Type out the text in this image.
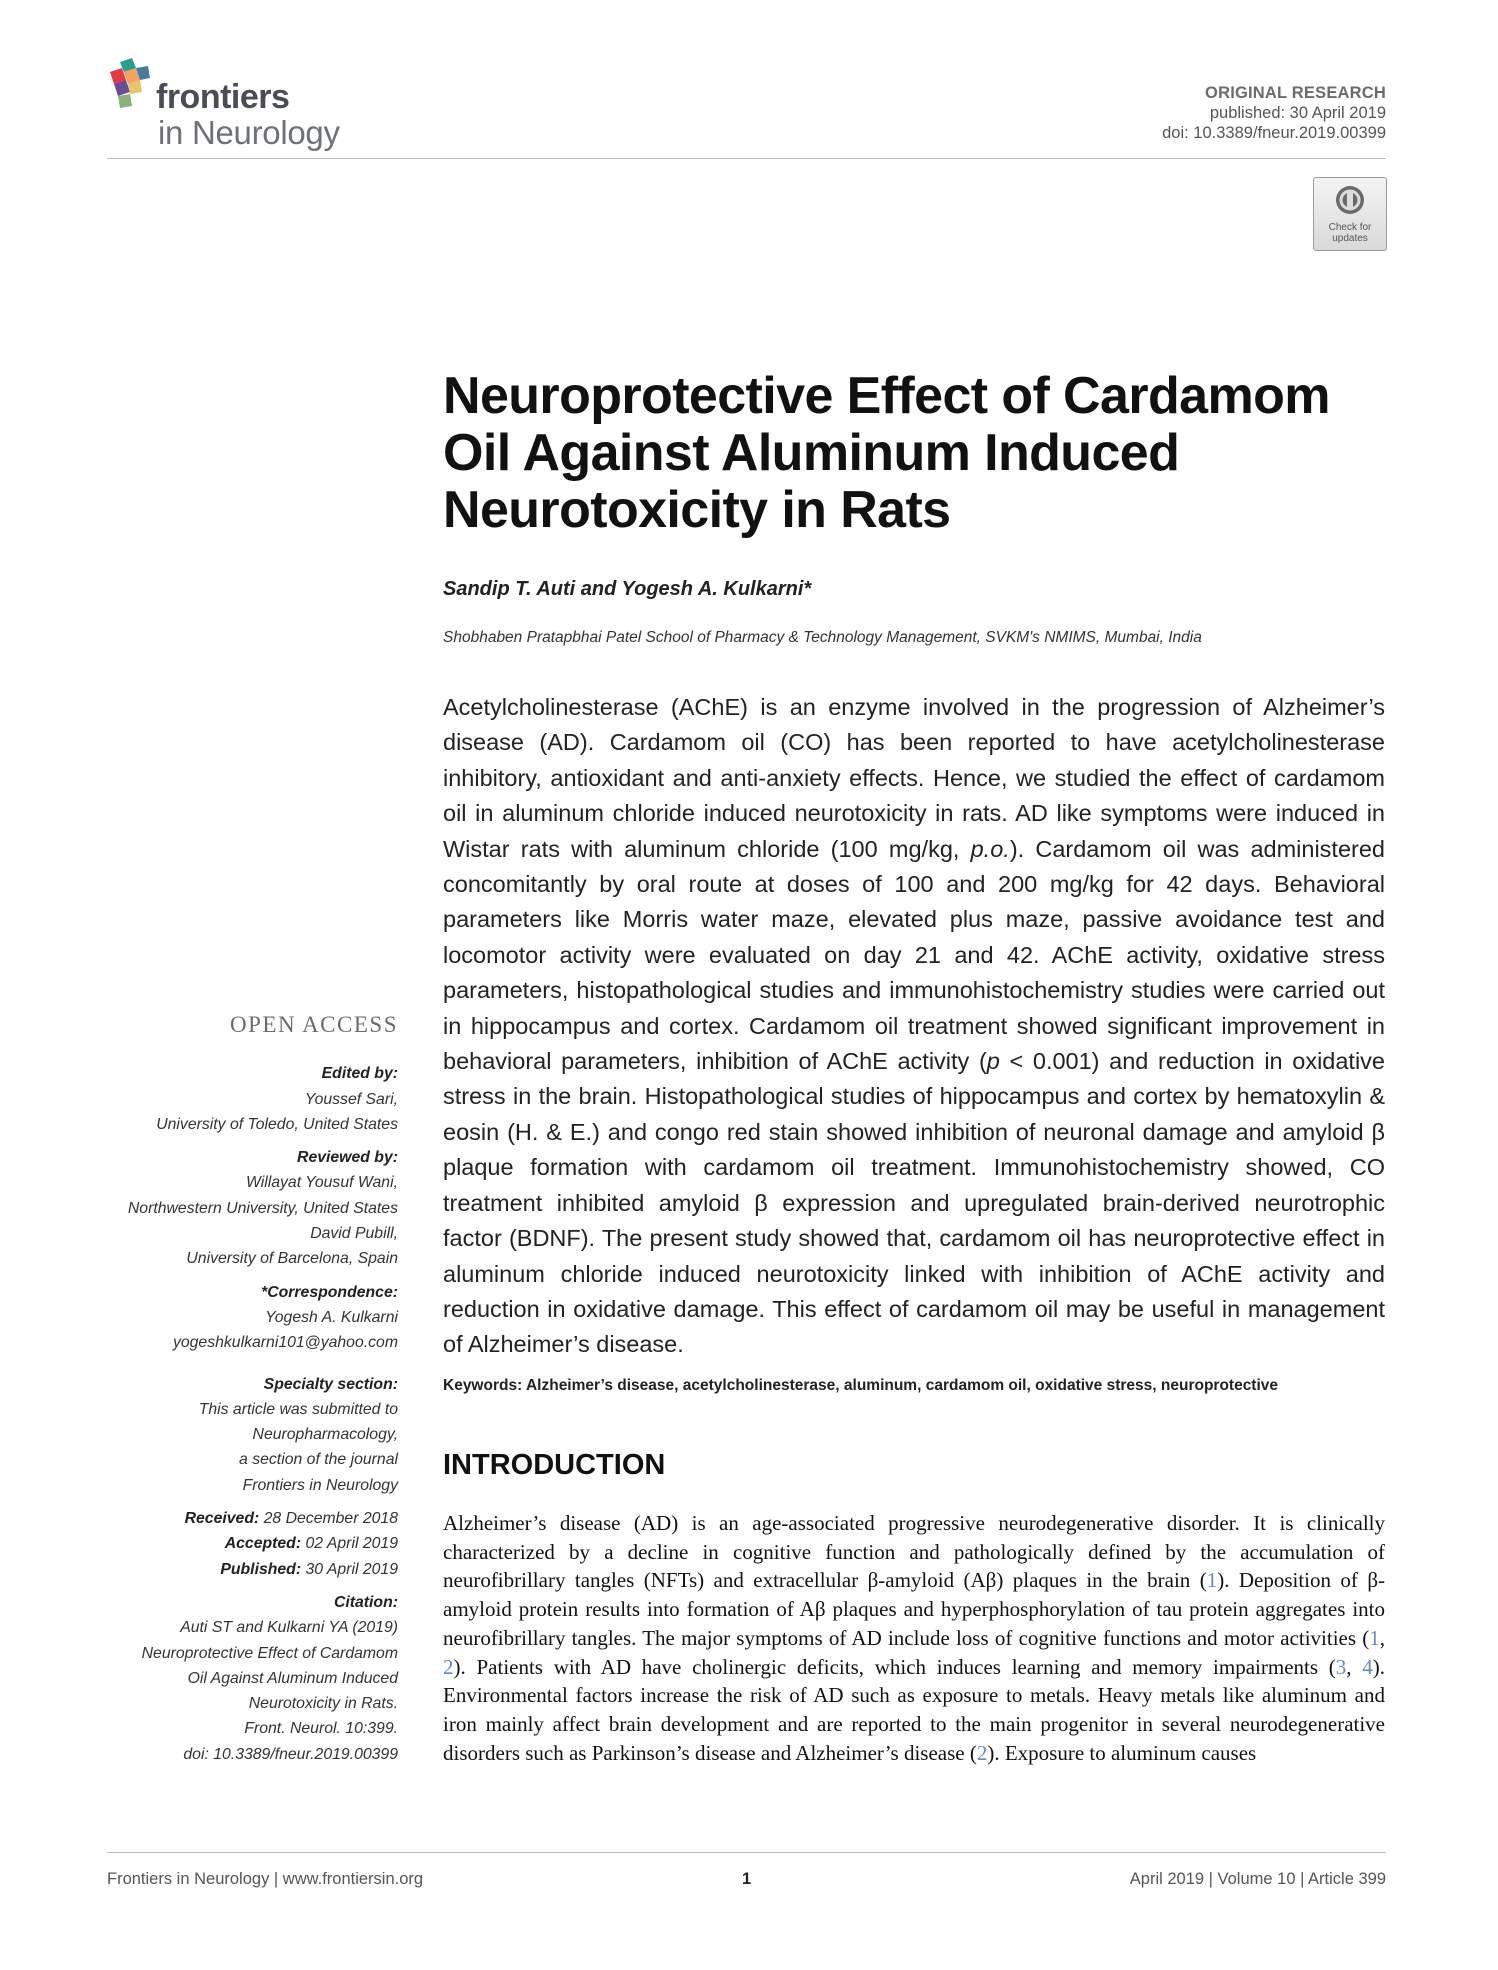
frontiers
in Neurology
ORIGINAL RESEARCH
published: 30 April 2019
doi: 10.3389/fneur.2019.00399
Check for updates
Neuroprotective Effect of Cardamom Oil Against Aluminum Induced Neurotoxicity in Rats
Sandip T. Auti and Yogesh A. Kulkarni*
Shobhaben Pratapbhai Patel School of Pharmacy & Technology Management, SVKM's NMIMS, Mumbai, India

Acetylcholinesterase (AChE) is an enzyme involved in the progression of Alzheimer’s disease (AD). Cardamom oil (CO) has been reported to have acetylcholinesterase inhibitory, antioxidant and anti-anxiety effects. Hence, we studied the effect of cardamom oil in aluminum chloride induced neurotoxicity in rats. AD like symptoms were induced in Wistar rats with aluminum chloride (100 mg/kg, p.o.). Cardamom oil was administered concomitantly by oral route at doses of 100 and 200 mg/kg for 42 days. Behavioral parameters like Morris water maze, elevated plus maze, passive avoidance test and locomotor activity were evaluated on day 21 and 42. AChE activity, oxidative stress parameters, histopathological studies and immunohistochemistry studies were carried out in hippocampus and cortex. Cardamom oil treatment showed significant improvement in behavioral parameters, inhibition of AChE activity (p < 0.001) and reduction in oxidative stress in the brain. Histopathological studies of hippocampus and cortex by hematoxylin & eosin (H. & E.) and congo red stain showed inhibition of neuronal damage and amyloid β plaque formation with cardamom oil treatment. Immunohistochemistry showed, CO treatment inhibited amyloid β expression and upregulated brain-derived neurotrophic factor (BDNF). The present study showed that, cardamom oil has neuroprotective effect in aluminum chloride induced neurotoxicity linked with inhibition of AChE activity and reduction in oxidative damage. This effect of cardamom oil may be useful in management of Alzheimer’s disease.

Keywords: Alzheimer’s disease, acetylcholinesterase, aluminum, cardamom oil, oxidative stress, neuroprotective
INTRODUCTION

Alzheimer’s disease (AD) is an age-associated progressive neurodegenerative disorder. It is clinically characterized by a decline in cognitive function and pathologically defined by the accumulation of neurofibrillary tangles (NFTs) and extracellular β-amyloid (Aβ) plaques in the brain (1). Deposition of β-amyloid protein results into formation of Aβ plaques and hyperphosphorylation of tau protein aggregates into neurofibrillary tangles. The major symptoms of AD include loss of cognitive functions and motor activities (1, 2). Patients with AD have cholinergic deficits, which induces learning and memory impairments (3, 4). Environmental factors increase the risk of AD such as exposure to metals. Heavy metals like aluminum and iron mainly affect brain development and are reported to the main progenitor in several neurodegenerative disorders such as Parkinson’s disease and Alzheimer’s disease (2). Exposure to aluminum causes

OPEN ACCESS
Edited by:
Youssef Sari,
University of Toledo, United States
Reviewed by:
Willayat Yousuf Wani,
Northwestern University, United States
David Pubill,
University of Barcelona, Spain
*Correspondence:
Yogesh A. Kulkarni
yogeshkulkarni101@yahoo.com
Specialty section:
This article was submitted to
Neuropharmacology,
a section of the journal
Frontiers in Neurology
Received: 28 December 2018
Accepted: 02 April 2019
Published: 30 April 2019
Citation:
Auti ST and Kulkarni YA (2019)
Neuroprotective Effect of Cardamom
Oil Against Aluminum Induced
Neurotoxicity in Rats.
Front. Neurol. 10:399.
doi: 10.3389/fneur.2019.00399
Frontiers in Neurology | www.frontiersin.org	1	April 2019 | Volume 10 | Article 399
